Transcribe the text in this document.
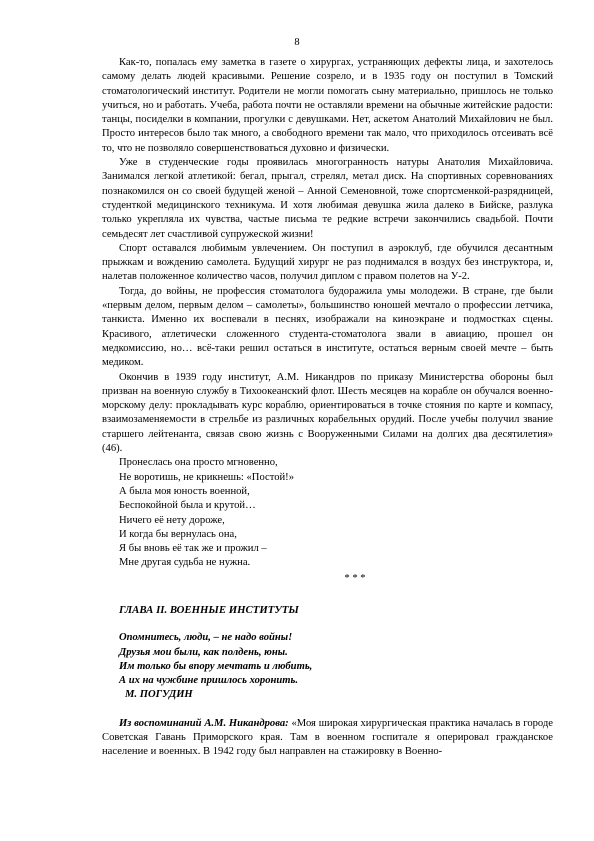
8

Как-то, попалась ему заметка в газете о хирургах, устраняющих дефекты лица, и захотелось самому делать людей красивыми. Решение созрело, и в 1935 году он поступил в Томский стоматологический институт. Родители не могли помогать сыну материально, пришлось не только учиться, но и работать. Учеба, работа почти не оставляли времени на обычные житейские радости: танцы, посиделки в компании, прогулки с девушками. Нет, аскетом Анатолий Михайлович не был. Просто интересов было так много, а свободного времени так мало, что приходилось отсеивать всё то, что не позволяло совершенствоваться духовно и физически.

Уже в студенческие годы проявилась многогранность натуры Анатолия Михайловича. Занимался легкой атлетикой: бегал, прыгал, стрелял, метал диск. На спортивных соревнованиях познакомился он со своей будущей женой – Анной Семеновной, тоже спортсменкой-разрядницей, студенткой медицинского техникума. И хотя любимая девушка жила далеко в Бийске, разлука только укрепляла их чувства, частые письма те редкие встречи закончились свадьбой. Почти семьдесят лет счастливой супружеской жизни!

Спорт оставался любимым увлечением. Он поступил в аэроклуб, где обучился десантным прыжкам и вождению самолета. Будущий хирург не раз поднимался в воздух без инструктора, и, налетав положенное количество часов, получил диплом с правом полетов на У-2.

Тогда, до войны, не профессия стоматолога будоражила умы молодежи. В стране, где были «первым делом, первым делом – самолеты», большинство юношей мечтало о профессии летчика, танкиста. Именно их воспевали в песнях, изображали на киноэкране и подмостках сцены. Красивого, атлетически сложенного студента-стоматолога звали в авиацию, прошел он медкомиссию, но… всё-таки решил остаться в институте, остаться верным своей мечте – быть медиком.

Окончив в 1939 году институт, А.М. Никандров по приказу Министерства обороны был призван на военную службу в Тихоокеанский флот. Шесть месяцев на корабле он обучался военно-морскому делу: прокладывать курс кораблю, ориентироваться в точке стояния по карте и компасу, взаимозаменяемости в стрельбе из различных корабельных орудий. После учебы получил звание старшего лейтенанта, связав свою жизнь с Вооруженными Силами на долгих два десятилетия» (46).

Пронеслась она просто мгновенно,
Не воротишь, не крикнешь: «Постой!»
А была моя юность военной,
Беспокойной была и крутой…
Ничего её нету дороже,
И когда бы вернулась она,
Я бы вновь её так же и прожил –
Мне другая судьба не нужна.
* * *
ГЛАВА II. ВОЕННЫЕ ИНСТИТУТЫ
Опомнитесь, люди, – не надо войны!
Друзья мои были, как полдень, юны.
Им только бы впору мечтать и любить,
А их на чужбине пришлось хоронить.
М. ПОГУДИН

Из воспоминаний А.М. Никандрова: «Моя широкая хирургическая практика началась в городе Советская Гавань Приморского края. Там в военном госпитале я оперировал гражданское население и военных. В 1942 году был направлен на стажировку в Военно-
